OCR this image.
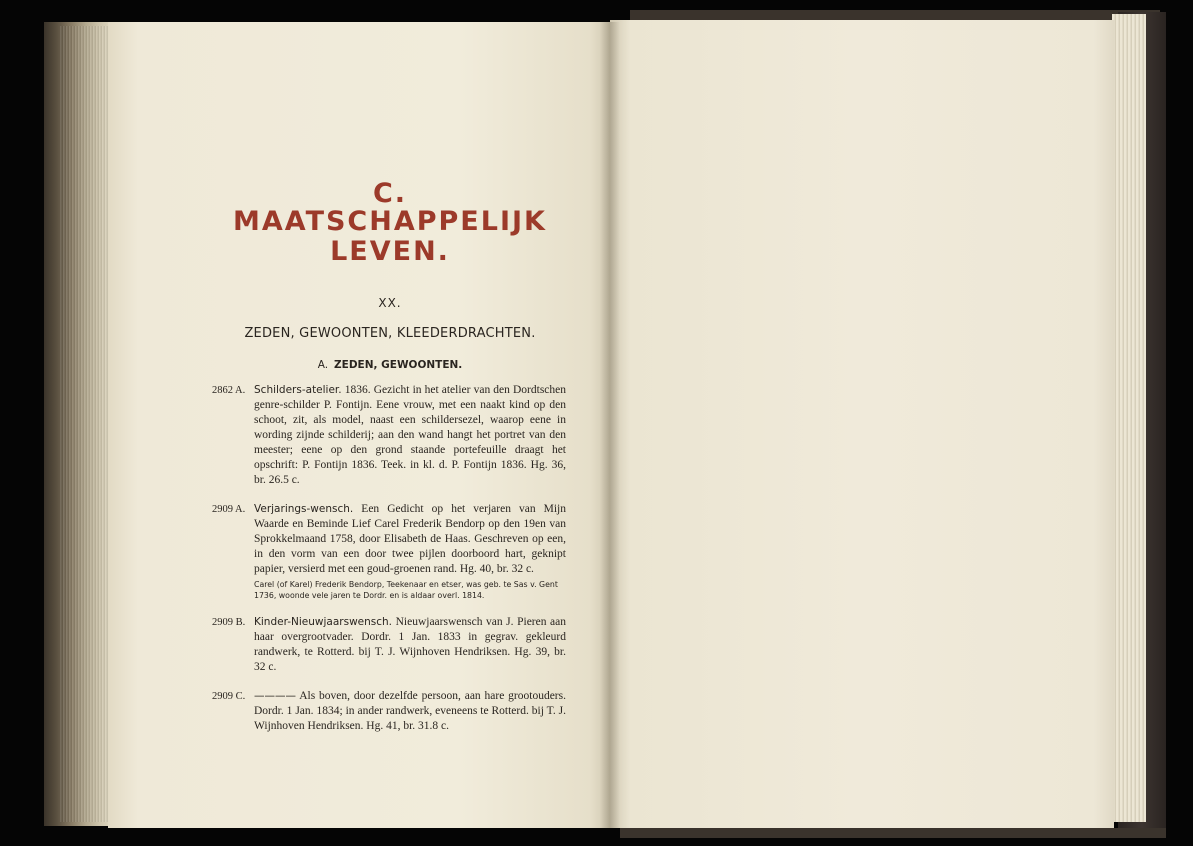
C. MAATSCHAPPELIJK
LEVEN.
XX.
ZEDEN, GEWOONTEN, KLEEDERDRACHTEN.
A. ZEDEN, GEWOONTEN.
2862 A. Schilders-atelier. 1836. Gezicht in het atelier van den Dordtschen genre-schilder P. Fontijn. Eene vrouw, met een naakt kind op den schoot, zit, als model, naast een schildersezel, waarop eene in wording zijnde schilderij; aan den wand hangt het portret van den meester; eene op den grond staande portefeuille draagt het opschrift: P. Fontijn 1836. Teek. in kl. d. P. Fontijn 1836. Hg. 36, br. 26.5 c.
2909 A. Verjarings-wensch. Een Gedicht op het verjaren van Mijn Waarde en Beminde Lief Carel Frederik Bendorp op den 19en van Sprokkelmaand 1758, door Elisabeth de Haas. Geschreven op een, in den vorm van een door twee pijlen doorboord hart, geknipt papier, versierd met een goud-groenen rand. Hg. 40, br. 32 c.
Carel (of Karel) Frederik Bendorp, Teekenaar en etser, was geb. te Sas v. Gent 1736, woonde vele jaren te Dordr. en is aldaar overl. 1814.
2909 B. Kinder-Nieuwjaarswensch. Nieuwjaarswensch van J. Pieren aan haar overgrootvader. Dordr. 1 Jan. 1833 in gegrav. gekleurd randwerk, te Rotterd. bij T. J. Wijnhoven Hendriksen. Hg. 39, br. 32 c.
2909 C. ———— Als boven, door dezelfde persoon, aan hare grootouders. Dordr. 1 Jan. 1834; in ander randwerk, eveneens te Rotterd. bij T. J. Wijnhoven Hendriksen. Hg. 41, br. 31.8 c.
